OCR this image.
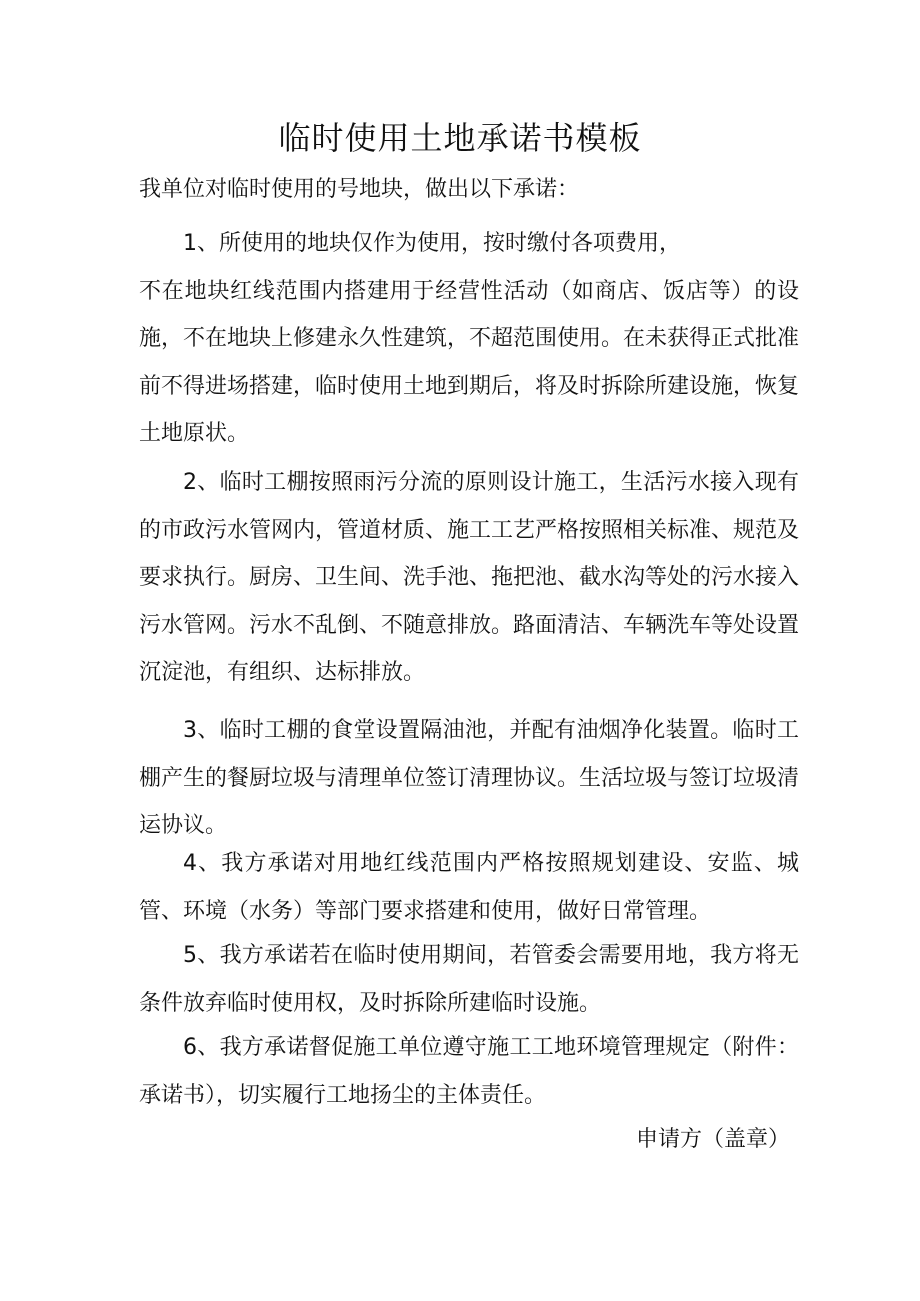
临时使用土地承诺书模板
我单位对临时使用的号地块，做出以下承诺：

1、所使用的地块仅作为使用，按时缴付各项费用，
不在地块红线范围内搭建用于经营性活动（如商店、饭店等）的设施，不在地块上修建永久性建筑，不超范围使用。在未获得正式批准前不得进场搭建，临时使用土地到期后，将及时拆除所建设施，恢复土地原状。

2、临时工棚按照雨污分流的原则设计施工，生活污水接入现有的市政污水管网内，管道材质、施工工艺严格按照相关标准、规范及要求执行。厨房、卫生间、洗手池、拖把池、截水沟等处的污水接入污水管网。污水不乱倒、不随意排放。路面清洁、车辆洗车等处设置沉淀池，有组织、达标排放。

3、临时工棚的食堂设置隔油池，并配有油烟净化装置。临时工棚产生的餐厨垃圾与清理单位签订清理协议。生活垃圾与签订垃圾清运协议。

4、我方承诺对用地红线范围内严格按照规划建设、安监、城管、环境（水务）等部门要求搭建和使用，做好日常管理。

5、我方承诺若在临时使用期间，若管委会需要用地，我方将无条件放弃临时使用权，及时拆除所建临时设施。

6、我方承诺督促施工单位遵守施工工地环境管理规定（附件：承诺书），切实履行工地扬尘的主体责任。

申请方（盖章）
